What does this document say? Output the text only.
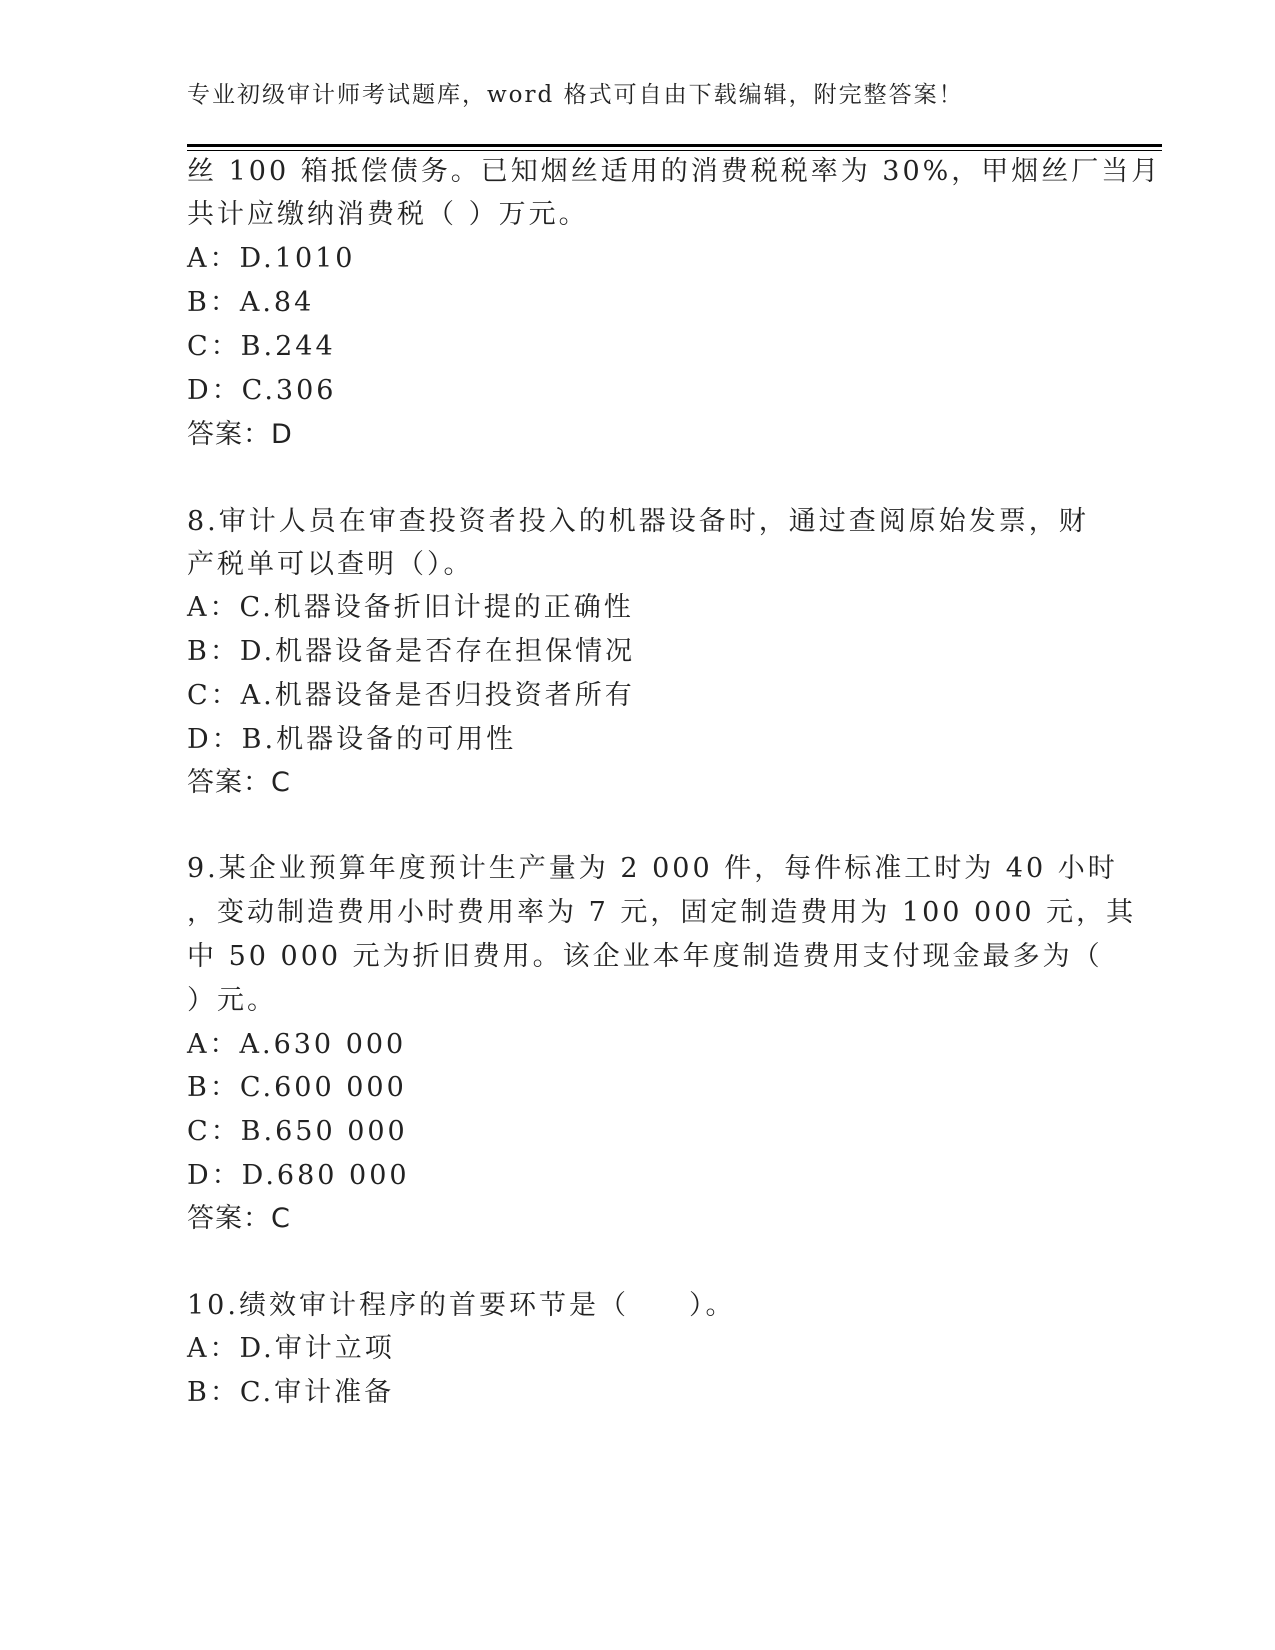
专业初级审计师考试题库，word 格式可自由下载编辑，附完整答案！
丝 100 箱抵偿债务。已知烟丝适用的消费税税率为 30%，甲烟丝厂当月
共计应缴纳消费税（ ）万元。
A：D.1010
B：A.84
C：B.244
D：C.306
答案：D
8.审计人员在审查投资者投入的机器设备时，通过查阅原始发票，财
产税单可以查明（）。
A：C.机器设备折旧计提的正确性
B：D.机器设备是否存在担保情况
C：A.机器设备是否归投资者所有
D：B.机器设备的可用性
答案：C
9.某企业预算年度预计生产量为 2 000 件，每件标准工时为 40 小时
，变动制造费用小时费用率为 7 元，固定制造费用为 100 000 元，其
中 50 000 元为折旧费用。该企业本年度制造费用支付现金最多为（
）元。
A：A.630 000
B：C.600 000
C：B.650 000
D：D.680 000
答案：C
10.绩效审计程序的首要环节是（　　）。
A：D.审计立项
B：C.审计准备
